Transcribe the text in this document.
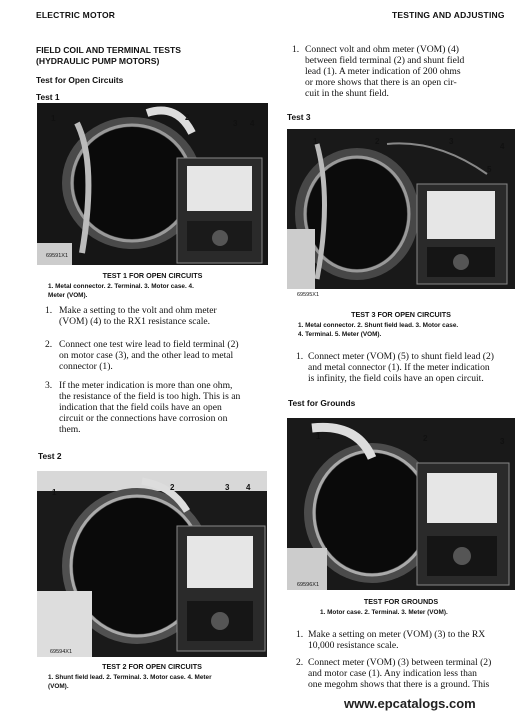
ELECTRIC MOTOR	TESTING AND ADJUSTING
FIELD COIL AND TERMINAL TESTS
(HYDRAULIC PUMP MOTORS)
Test for Open Circuits
Test 1
1	2
3 4
69591X1
TEST 1 FOR OPEN CIRCUITS
1. Metal connector. 2. Terminal. 3. Motor case. 4.
Meter (VOM).
1. Make a setting to the volt and ohm meter
(VOM) (4) to the RX1 resistance scale.
2. Connect one test wire lead to field terminal (2)
on motor case (3), and the other lead to metal
connector (1).
3. If the meter indication is more than one ohm,
the resistance of the field is too high. This is an
indication that the field coils have an open
circuit or the connections have corrosion on
them.
Test 2
1
2	3 4
69594X1
TEST 2 FOR OPEN CIRCUITS
1. Shunt field lead. 2. Terminal. 3. Motor case. 4. Meter
(VOM).
1. Connect volt and ohm meter (VOM) (4)
between field terminal (2) and shunt field
lead (1). A meter indication of 200 ohms
or more shows that there is an open cir-
cuit in the shunt field.
Test 3
1	2	3
4
5
69595X1
TEST 3 FOR OPEN CIRCUITS
1. Metal connector. 2. Shunt field lead. 3. Motor case.
4. Terminal. 5. Meter (VOM).
1. Connect meter (VOM) (5) to shunt field lead (2)
and metal connector (1). If the meter indication
is infinity, the field coils have an open circuit.
Test for Grounds
1	2	3
69596X1
TEST FOR GROUNDS
1. Motor case. 2. Terminal. 3. Meter (VOM).
1. Make a setting on meter (VOM) (3) to the RX
10,000 resistance scale.
2. Connect meter (VOM) (3) between terminal (2)
and motor case (1). Any indication less than
one megohm shows that there is a ground. This
www.epcatalogs.com
